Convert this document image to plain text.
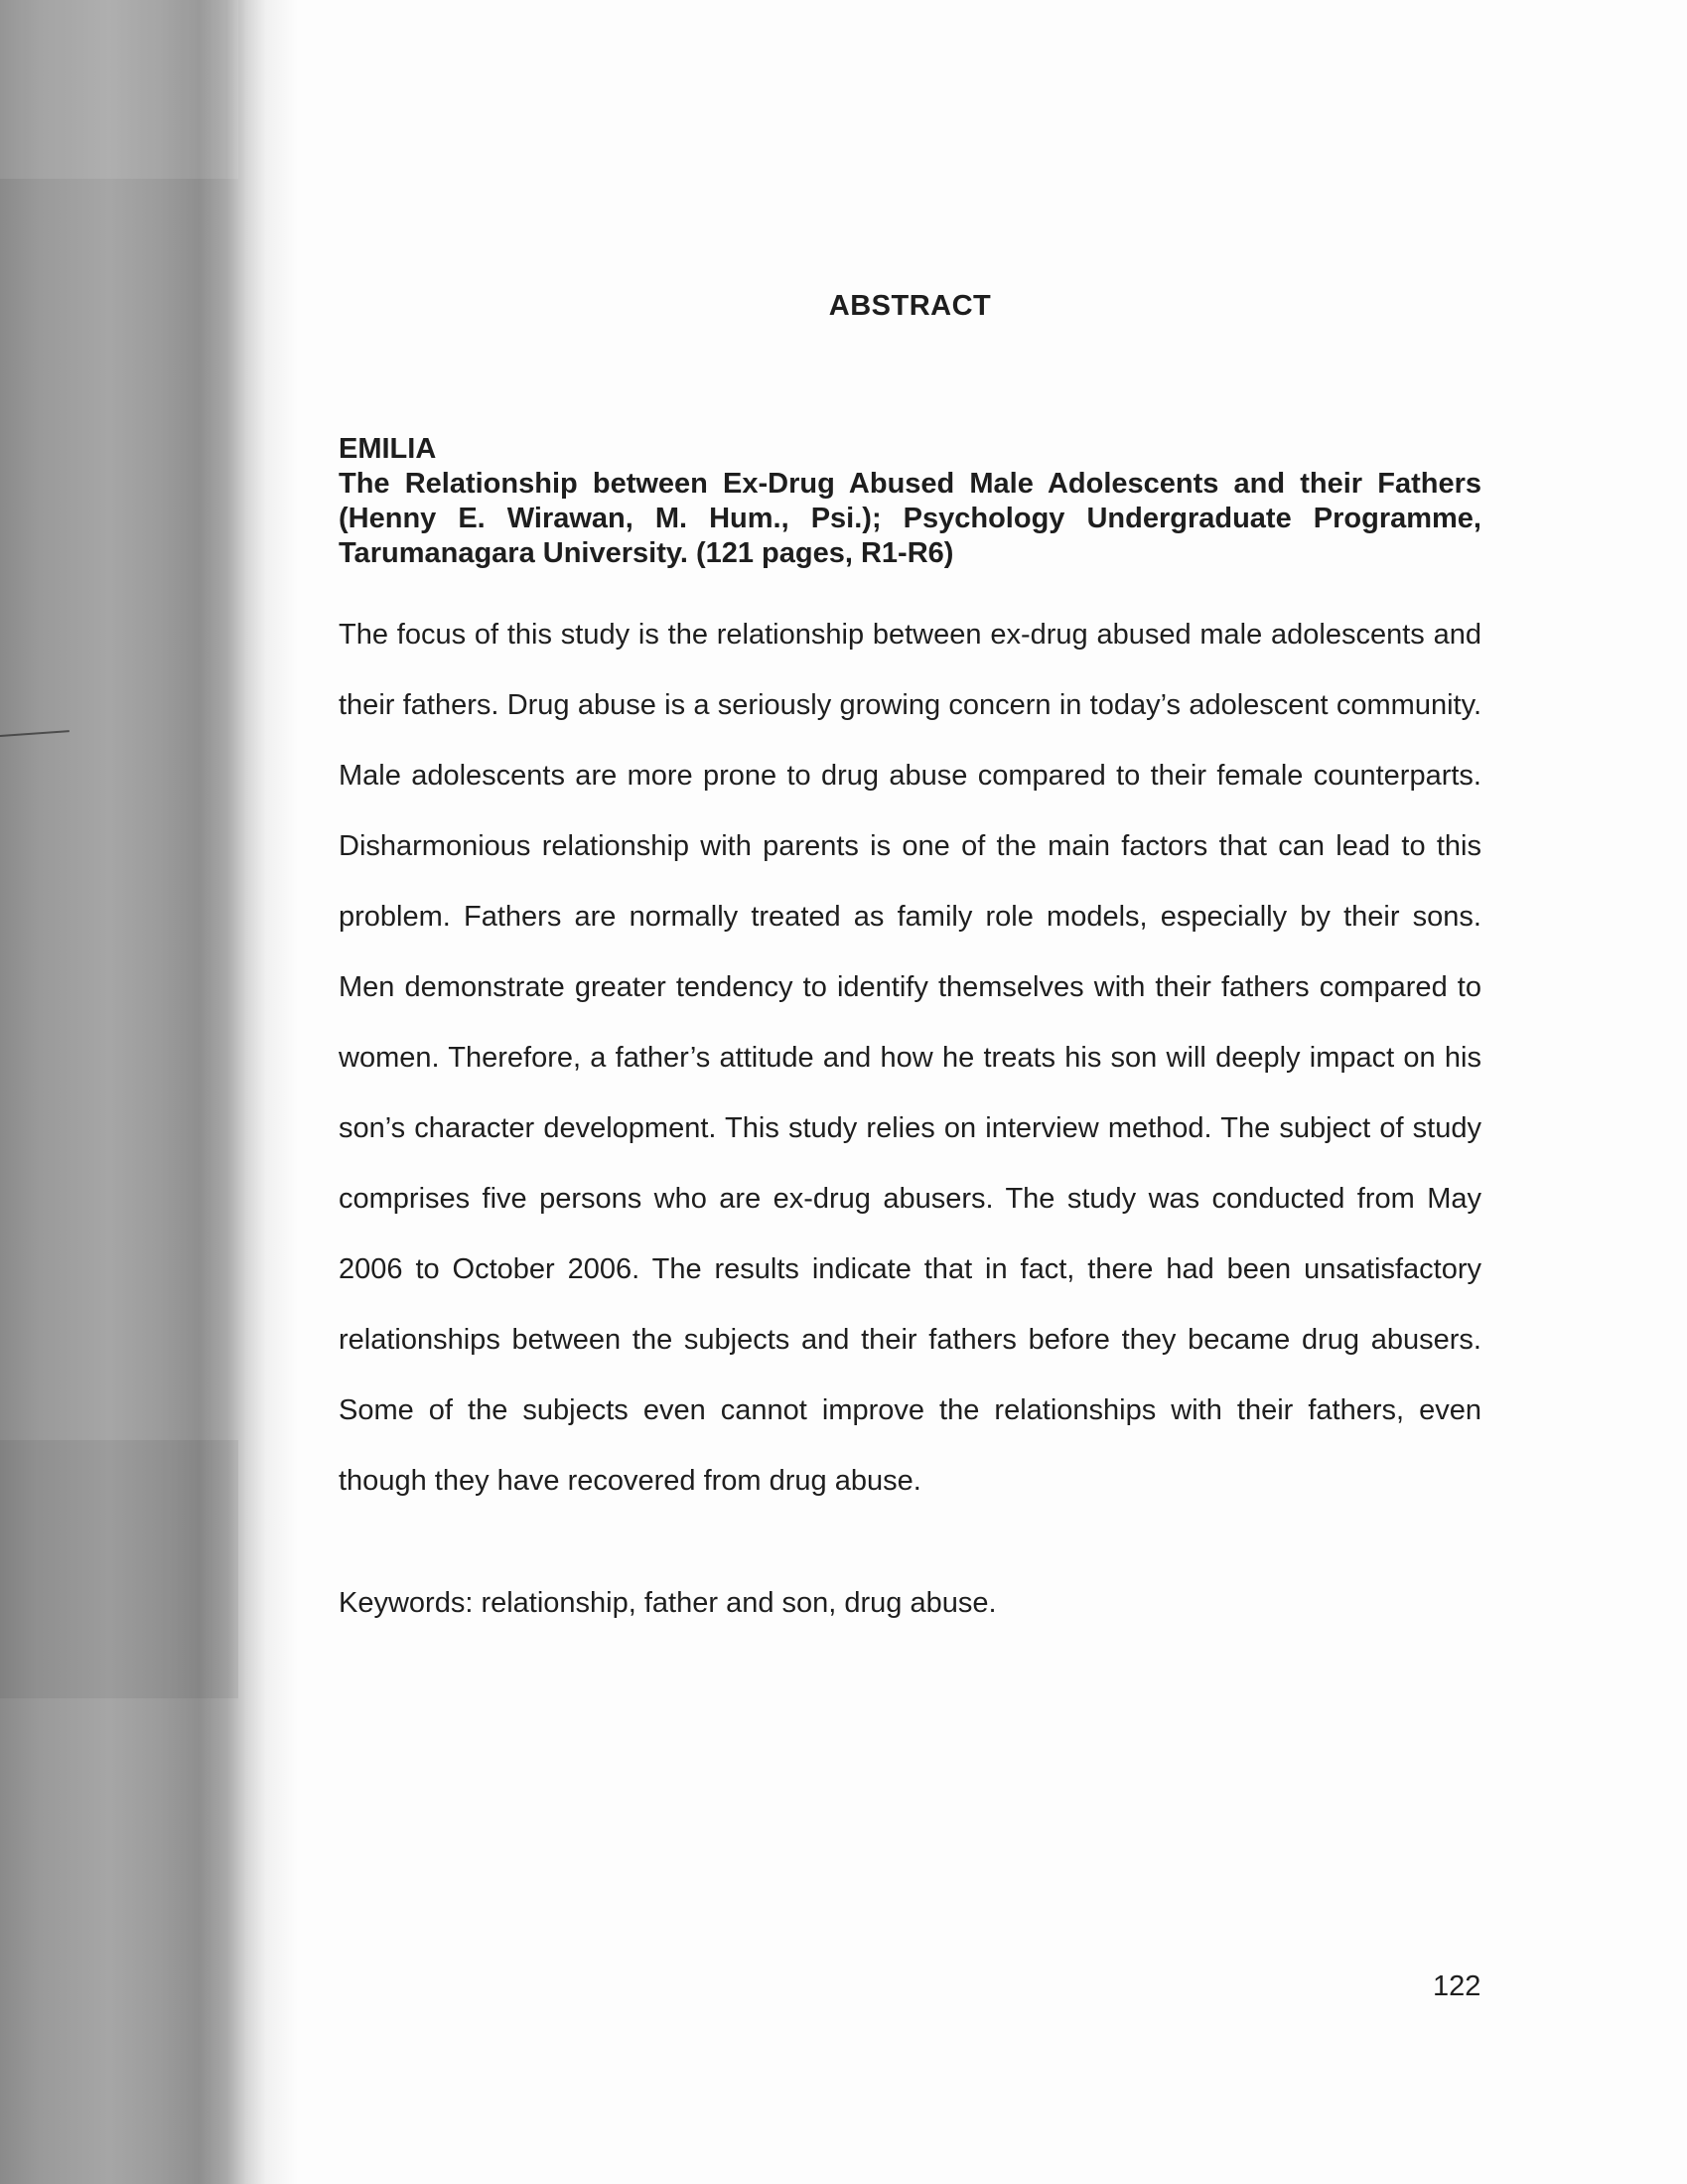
ABSTRACT
EMILIA
The Relationship between Ex-Drug Abused Male Adolescents and their Fathers (Henny E. Wirawan, M. Hum., Psi.); Psychology Undergraduate Programme, Tarumanagara University. (121 pages, R1-R6)

The focus of this study is the relationship between ex-drug abused male adolescents and their fathers. Drug abuse is a seriously growing concern in today’s adolescent community. Male adolescents are more prone to drug abuse compared to their female counterparts. Disharmonious relationship with parents is one of the main factors that can lead to this problem. Fathers are normally treated as family role models, especially by their sons. Men demonstrate greater tendency to identify themselves with their fathers compared to women. Therefore, a father’s attitude and how he treats his son will deeply impact on his son’s character development. This study relies on interview method. The subject of study comprises five persons who are ex-drug abusers. The study was conducted from May 2006 to October 2006. The results indicate that in fact, there had been unsatisfactory relationships between the subjects and their fathers before they became drug abusers. Some of the subjects even cannot improve the relationships with their fathers, even though they have recovered from drug abuse.

Keywords: relationship, father and son, drug abuse.
122
